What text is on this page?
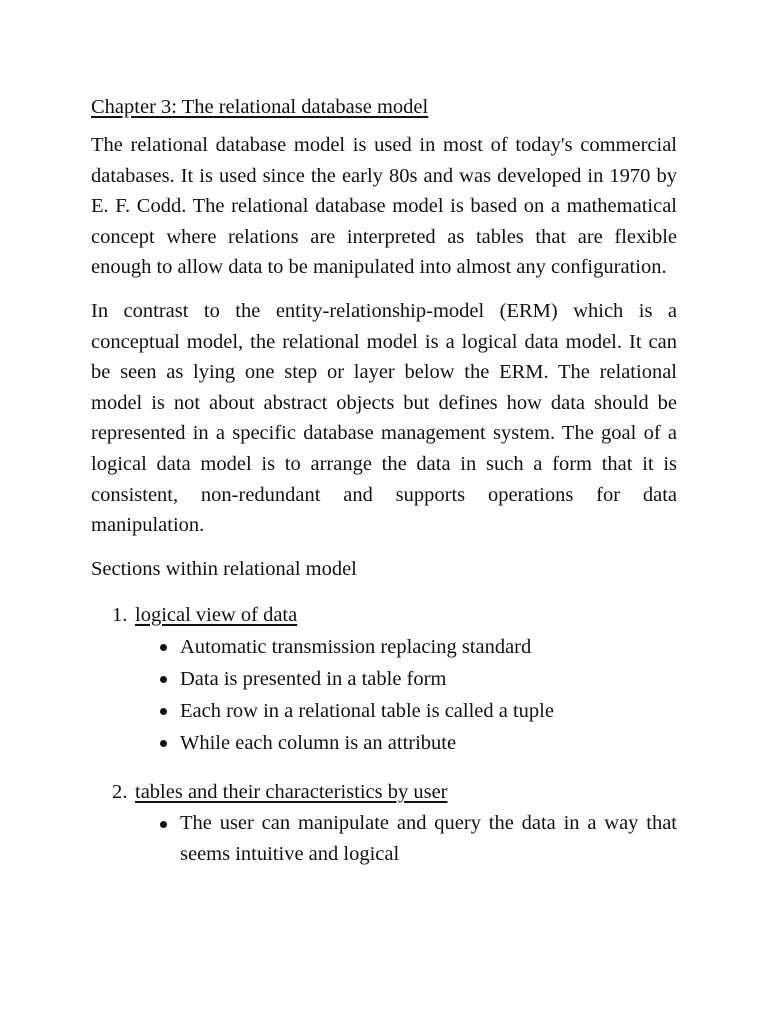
Chapter 3: The relational database model

The relational database model is used in most of today's commercial databases. It is used since the early 80s and was developed in 1970 by E. F. Codd. The relational database model is based on a mathematical concept where relations are interpreted as tables that are flexible enough to allow data to be manipulated into almost any configuration.

In contrast to the entity-relationship-model (ERM) which is a conceptual model, the relational model is a logical data model. It can be seen as lying one step or layer below the ERM. The relational model is not about abstract objects but defines how data should be represented in a specific database management system. The goal of a logical data model is to arrange the data in such a form that it is consistent, non-redundant and supports operations for data manipulation.

Sections within relational model

1. logical view of data
Automatic transmission replacing standard
Data is presented in a table form
Each row in a relational table is called a tuple
While each column is an attribute
2. tables and their characteristics by user
The user can manipulate and query the data in a way that seems intuitive and logical
